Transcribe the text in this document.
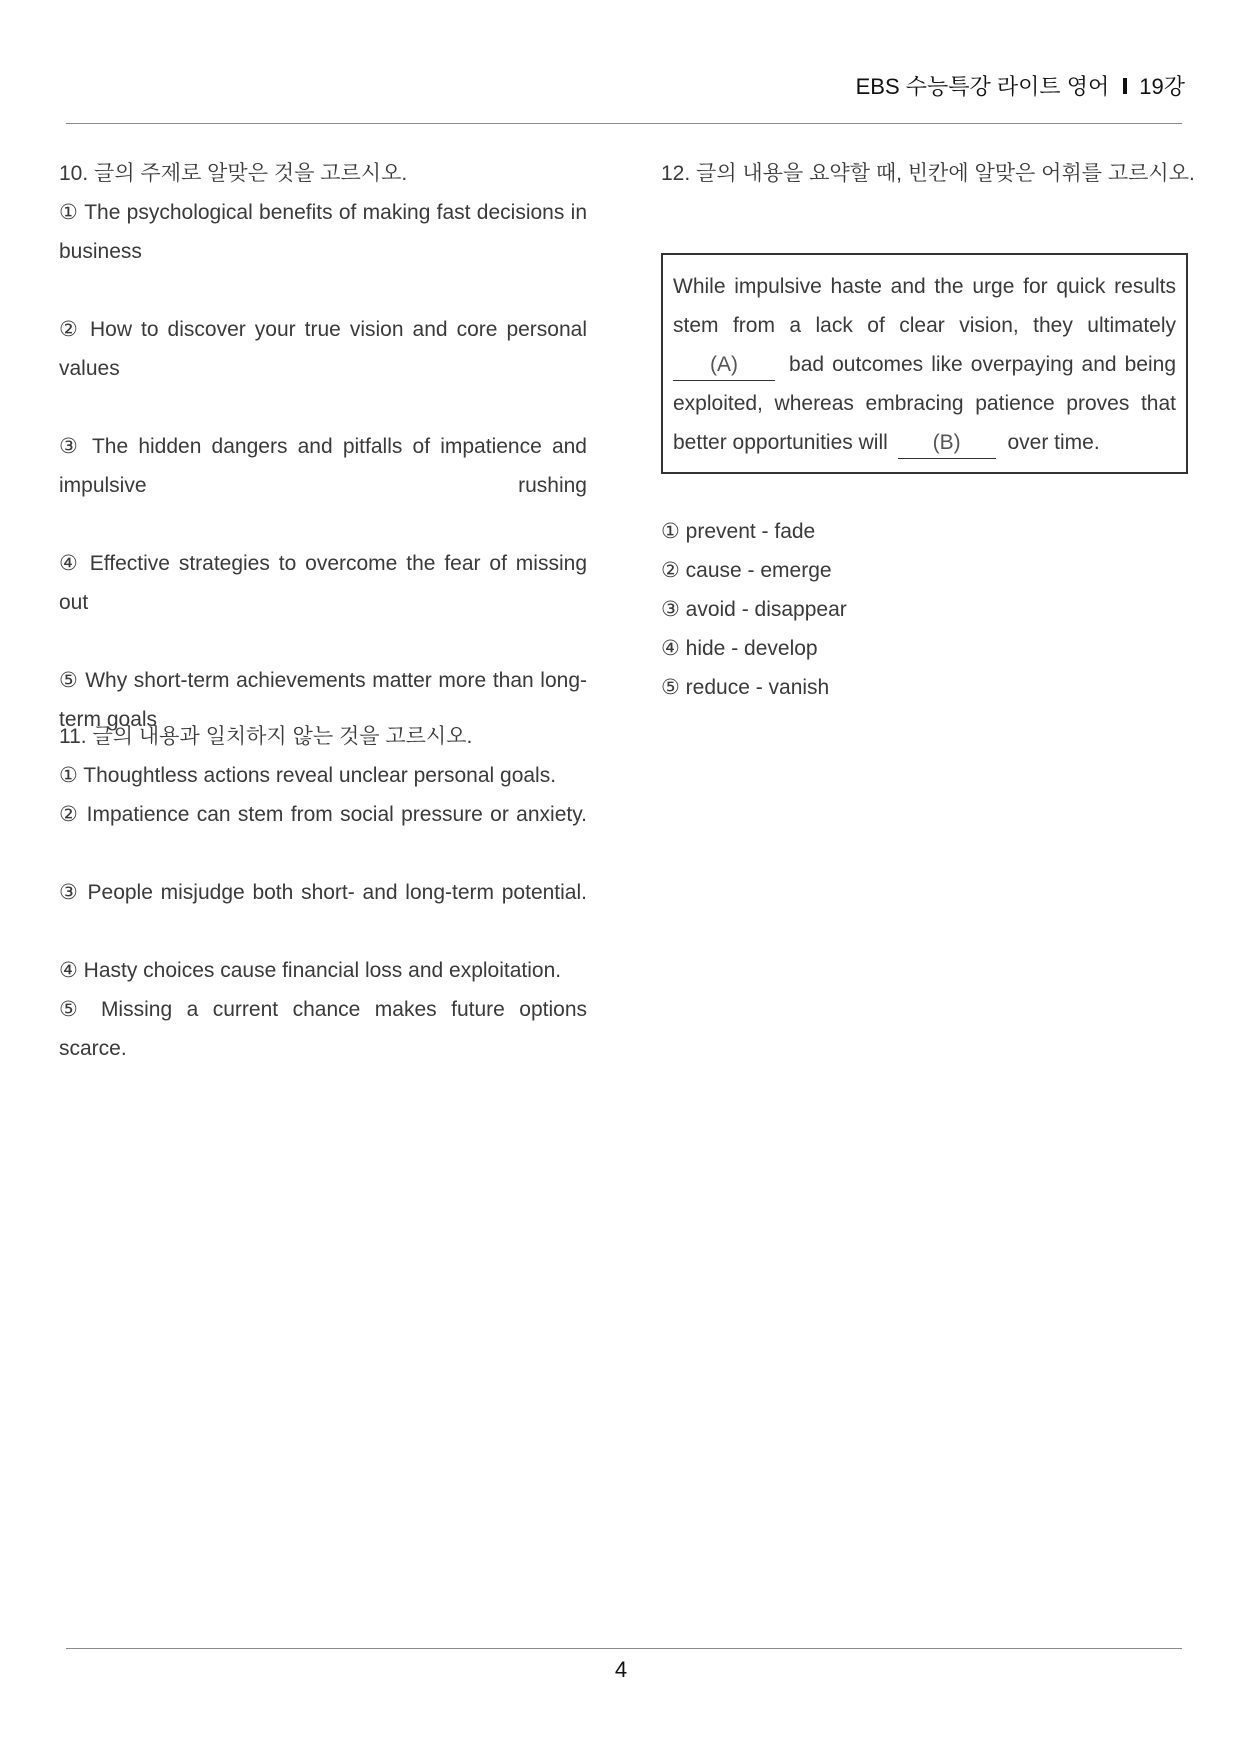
EBS 수능특강 라이트 영어 19강

10. 글의 주제로 알맞은 것을 고르시오.

① The psychological benefits of making fast decisions in business

② How to discover your true vision and core personal values

③ The hidden dangers and pitfalls of impatience and impulsive rushing

④ Effective strategies to overcome the fear of missing out

⑤ Why short-term achievements matter more than long-term goals

11. 글의 내용과 일치하지 않는 것을 고르시오.

① Thoughtless actions reveal unclear personal goals.

② Impatience can stem from social pressure or anxiety.

③ People misjudge both short- and long-term potential.

④ Hasty choices cause financial loss and exploitation.

⑤ Missing a current chance makes future options scarce.

12. 글의 내용을 요약할 때, 빈칸에 알맞은 어휘를 고르시오.

While impulsive haste and the urge for quick results stem from a lack of clear vision, they ultimately (A) bad outcomes like overpaying and being exploited, whereas embracing patience proves that better opportunities will (B) over time.

① prevent - fade

② cause - emerge

③ avoid - disappear

④ hide - develop

⑤ reduce - vanish

4
